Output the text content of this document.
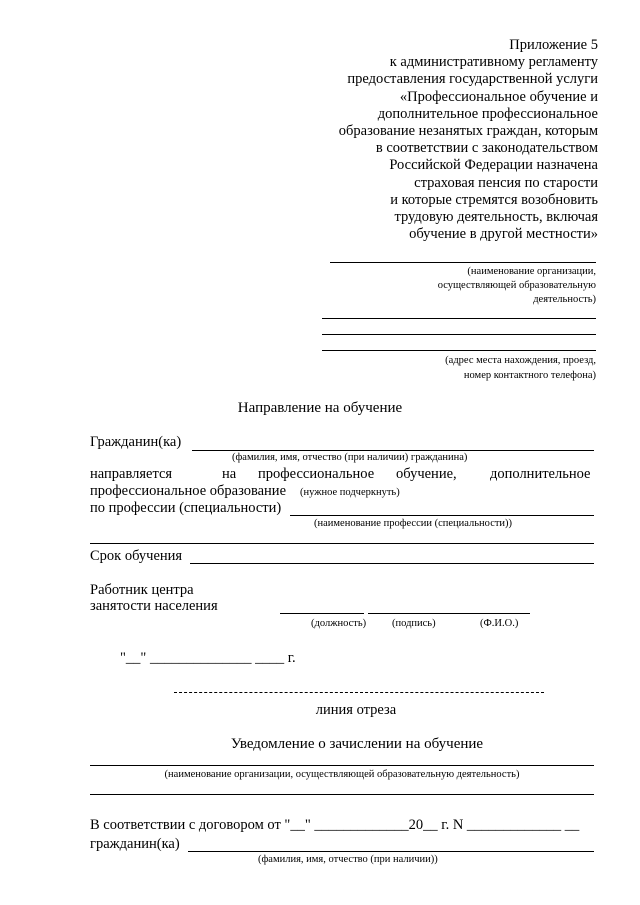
Приложение 5
к административному регламенту
предоставления государственной услуги
«Профессиональное обучение и
дополнительное профессиональное
образование незанятых граждан, которым
в соответствии с законодательством
Российской Федерации назначена
страховая пенсия по старости
и которые стремятся возобновить
трудовую деятельность, включая
обучение в другой местности»
(наименование организации,
осуществляющей образовательную
деятельность)
(адрес места нахождения, проезд,
номер контактного телефона)
Направление на обучение
Гражданин(ка)
(фамилия, имя, отчество (при наличии) гражданина)
направляется	на профессиональное обучение, дополнительное
профессиональное образование (нужное подчеркнуть)
по профессии (специальности)
(наименование профессии (специальности))
Срок обучения
Работник центра
занятости населения
(должность) (подпись)	(Ф.И.О.)
"__" ______________ ____ г.
линия отреза
Уведомление о зачислении на обучение
(наименование организации, осуществляющей образовательную деятельность)
В соответствии с договором от "__" _____________20__ г. N _____________ __
гражданин(ка)
(фамилия, имя, отчество (при наличии))
